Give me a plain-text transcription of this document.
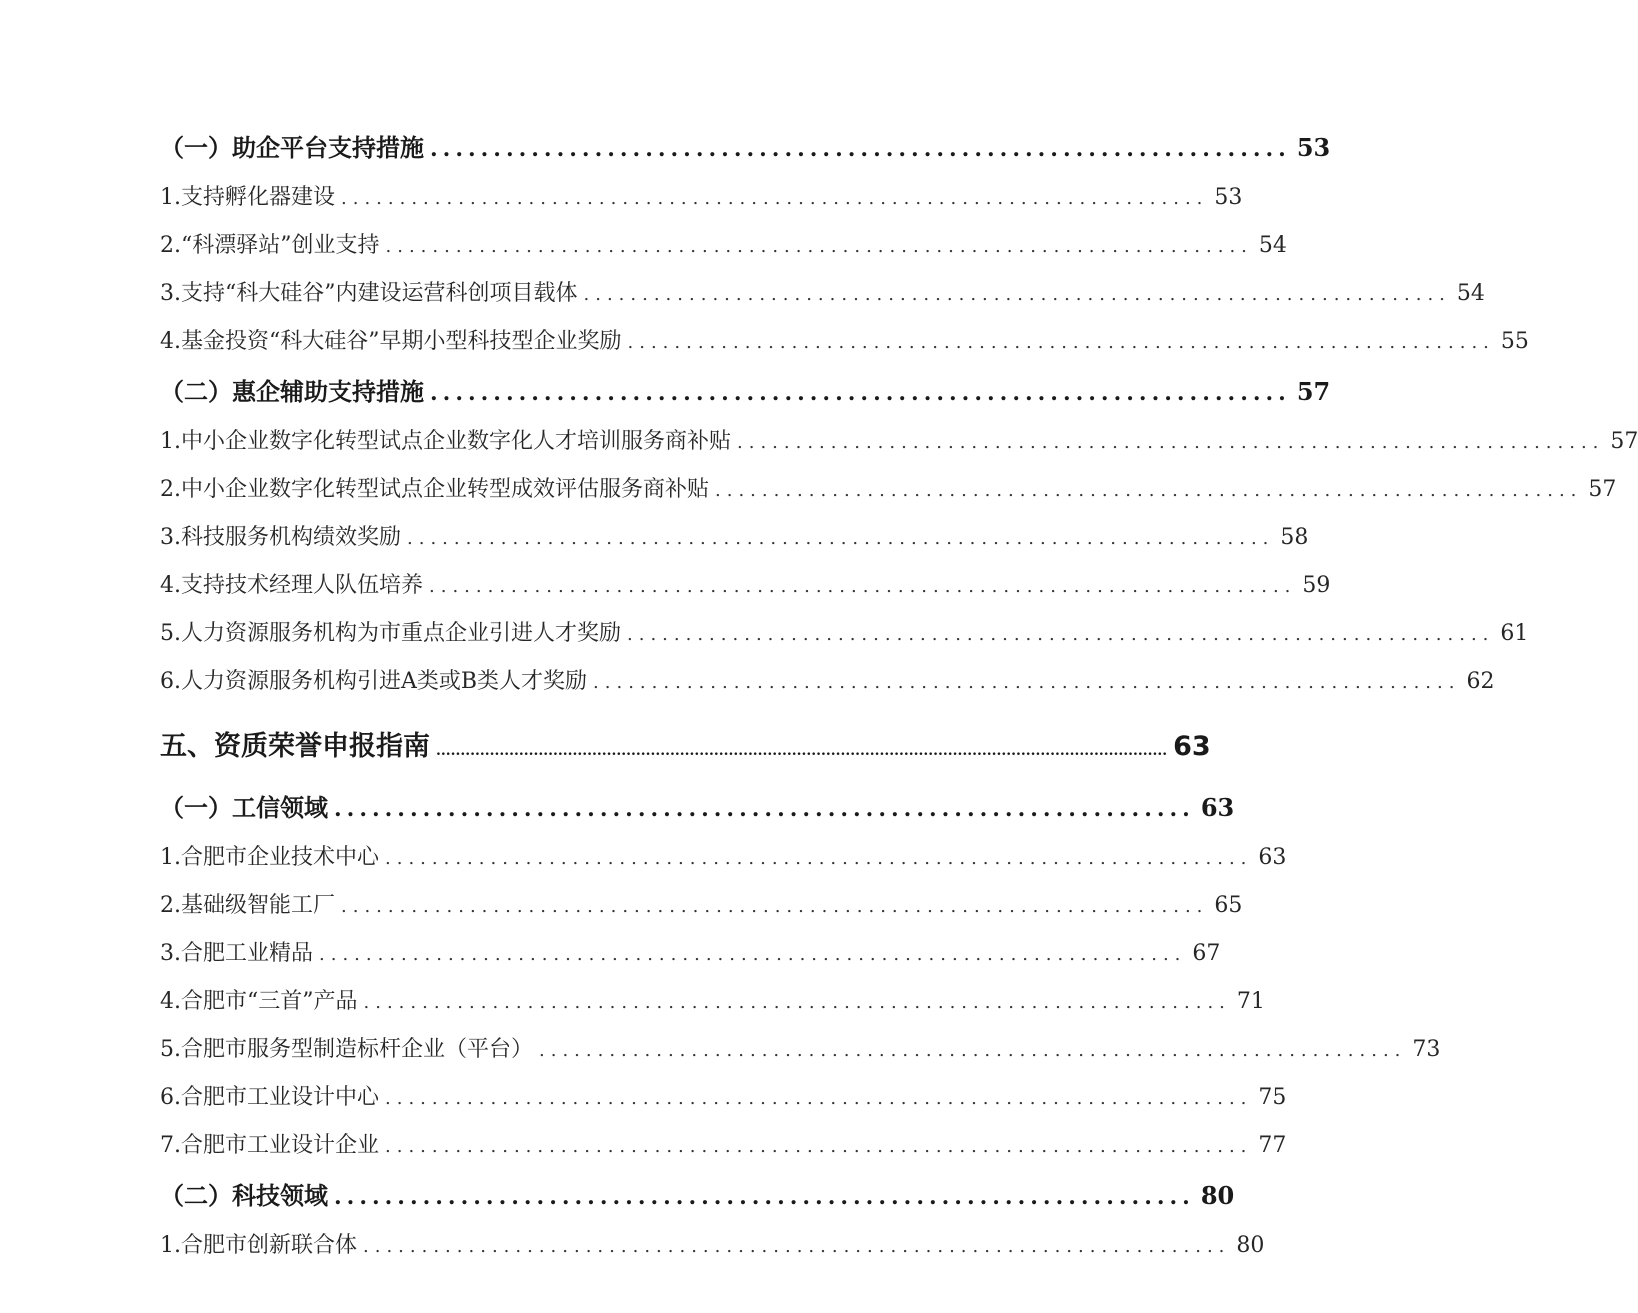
（一）助企平台支持措施 .................................................................... 53
1.支持孵化器建设 .......................................................................... 53
2.“科漂驿站”创业支持 .......................................................................... 54
3.支持“科大硅谷”内建设运营科创项目载体 .......................................................................... 54
4.基金投资“科大硅谷”早期小型科技型企业奖励 .......................................................................... 55
（二）惠企辅助支持措施 .................................................................... 57
1.中小企业数字化转型试点企业数字化人才培训服务商补贴 .......................................................................... 57
2.中小企业数字化转型试点企业转型成效评估服务商补贴 .......................................................................... 57
3.科技服务机构绩效奖励 .......................................................................... 58
4.支持技术经理人队伍培养 .......................................................................... 59
5.人力资源服务机构为市重点企业引进人才奖励 .......................................................................... 61
6.人力资源服务机构引进A类或B类人才奖励 .......................................................................... 62
五、资质荣誉申报指南 ...................................................................................................................................................... 63
（一）工信领域 .................................................................... 63
1.合肥市企业技术中心 .......................................................................... 63
2.基础级智能工厂 .......................................................................... 65
3.合肥工业精品 .......................................................................... 67
4.合肥市“三首”产品 .......................................................................... 71
5.合肥市服务型制造标杆企业（平台） .......................................................................... 73
6.合肥市工业设计中心 .......................................................................... 75
7.合肥市工业设计企业 .......................................................................... 77
（二）科技领域 .................................................................... 80
1.合肥市创新联合体 .......................................................................... 80
